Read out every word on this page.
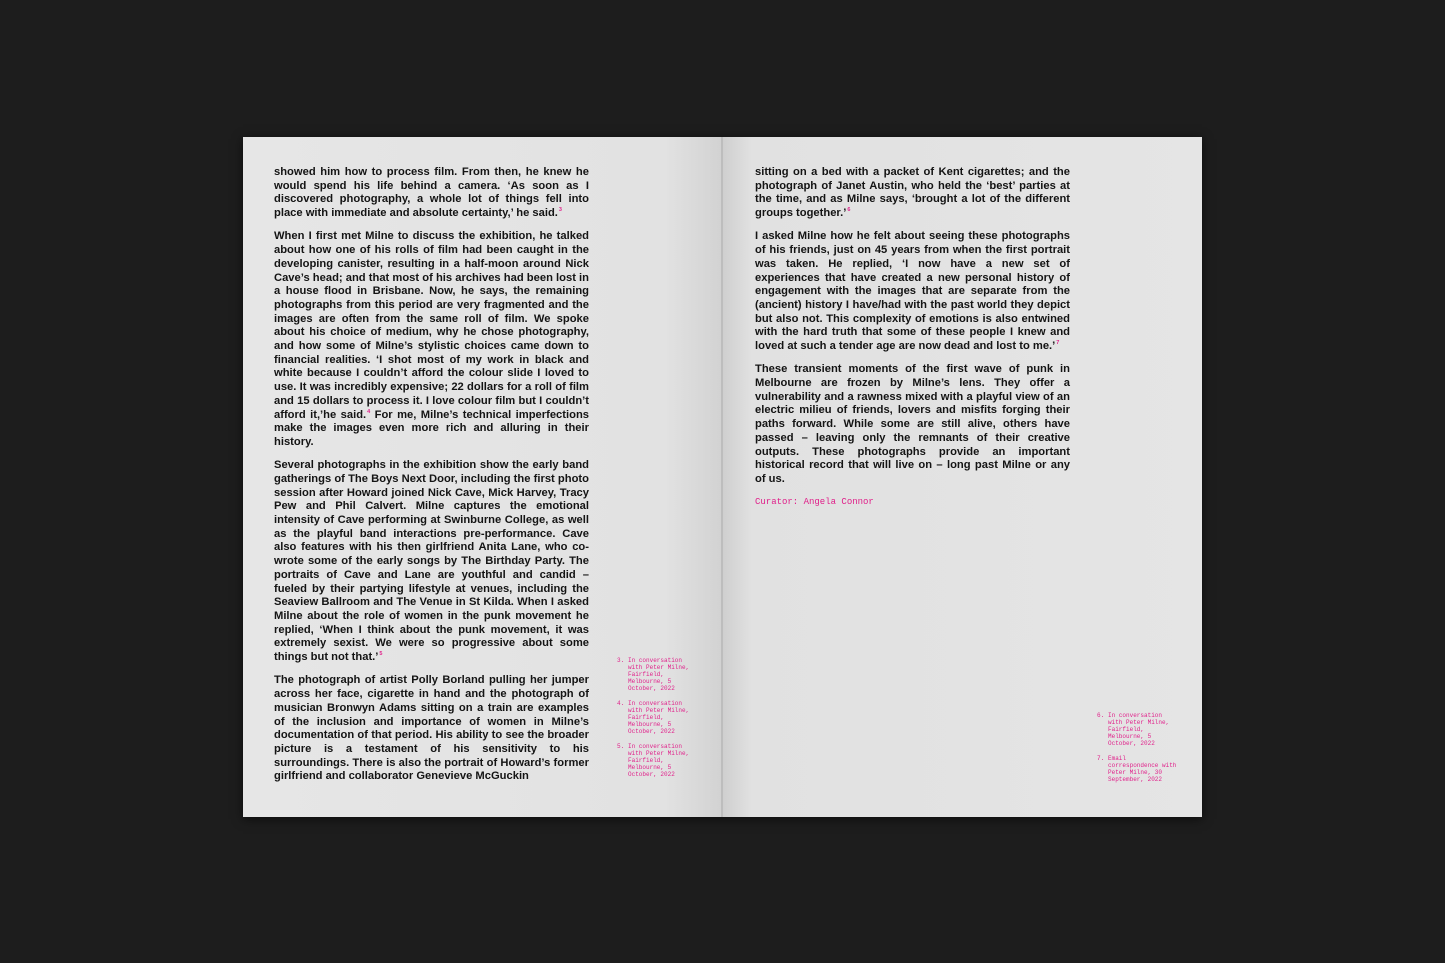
showed him how to process film. From then, he knew he would spend his life behind a camera. ‘As soon as I discovered photography, a whole lot of things fell into place with immediate and absolute certainty,’ he said.$^3$

When I first met Milne to discuss the exhibition, he talked about how one of his rolls of film had been caught in the developing canister, resulting in a half-moon around Nick Cave’s head; and that most of his archives had been lost in a house flood in Brisbane. Now, he says, the remaining photographs from this period are very fragmented and the images are often from the same roll of film. We spoke about his choice of medium, why he chose photography, and how some of Milne’s stylistic choices came down to financial realities. ‘I shot most of my work in black and white because I couldn’t afford the colour slide I loved to use. It was incredibly expensive; 22 dollars for a roll of film and 15 dollars to process it. I love colour film but I couldn’t afford it,’he said.$^4$ For me, Milne’s technical imperfections make the images even more rich and alluring in their history.

Several photographs in the exhibition show the early band gatherings of The Boys Next Door, including the first photo session after Howard joined Nick Cave, Mick Harvey, Tracy Pew and Phil Calvert. Milne captures the emotional intensity of Cave performing at Swinburne College, as well as the playful band interactions pre-performance. Cave also features with his then girlfriend Anita Lane, who co-wrote some of the early songs by The Birthday Party. The portraits of Cave and Lane are youthful and candid – fueled by their partying lifestyle at venues, including the Seaview Ballroom and The Venue in St Kilda. When I asked Milne about the role of women in the punk movement he replied, ‘When I think about the punk movement, it was extremely sexist. We were so progressive about some things but not that.’$^5$

The photograph of artist Polly Borland pulling her jumper across her face, cigarette in hand and the photograph of musician Bronwyn Adams sitting on a train are examples of the inclusion and importance of women in Milne’s documentation of that period. His ability to see the broader picture is a testament of his sensitivity to his surroundings. There is also the portrait of Howard’s former girlfriend and collaborator Genevieve McGuckin

3. In conversation with Peter Milne, Fairfield, Melbourne, 5 October, 2022
4. In conversation with Peter Milne, Fairfield, Melbourne, 5 October, 2022
5. In conversation with Peter Milne, Fairfield, Melbourne, 5 October, 2022

sitting on a bed with a packet of Kent cigarettes; and the photograph of Janet Austin, who held the ‘best’ parties at the time, and as Milne says, ‘brought a lot of the different groups together.’$^6$

I asked Milne how he felt about seeing these photographs of his friends, just on 45 years from when the first portrait was taken. He replied, ‘I now have a new set of experiences that have created a new personal history of engagement with the images that are separate from the (ancient) history I have/had with the past world they depict but also not. This complexity of emotions is also entwined with the hard truth that some of these people I knew and loved at such a tender age are now dead and lost to me.’$^7$

These transient moments of the first wave of punk in Melbourne are frozen by Milne’s lens. They offer a vulnerability and a rawness mixed with a playful view of an electric milieu of friends, lovers and misfits forging their paths forward. While some are still alive, others have passed – leaving only the remnants of their creative outputs. These photographs provide an important historical record that will live on – long past Milne or any of us.

Curator: Angela Connor
6. In conversation with Peter Milne, Fairfield, Melbourne, 5 October, 2022
7. Email correspondence with Peter Milne, 30 September, 2022
